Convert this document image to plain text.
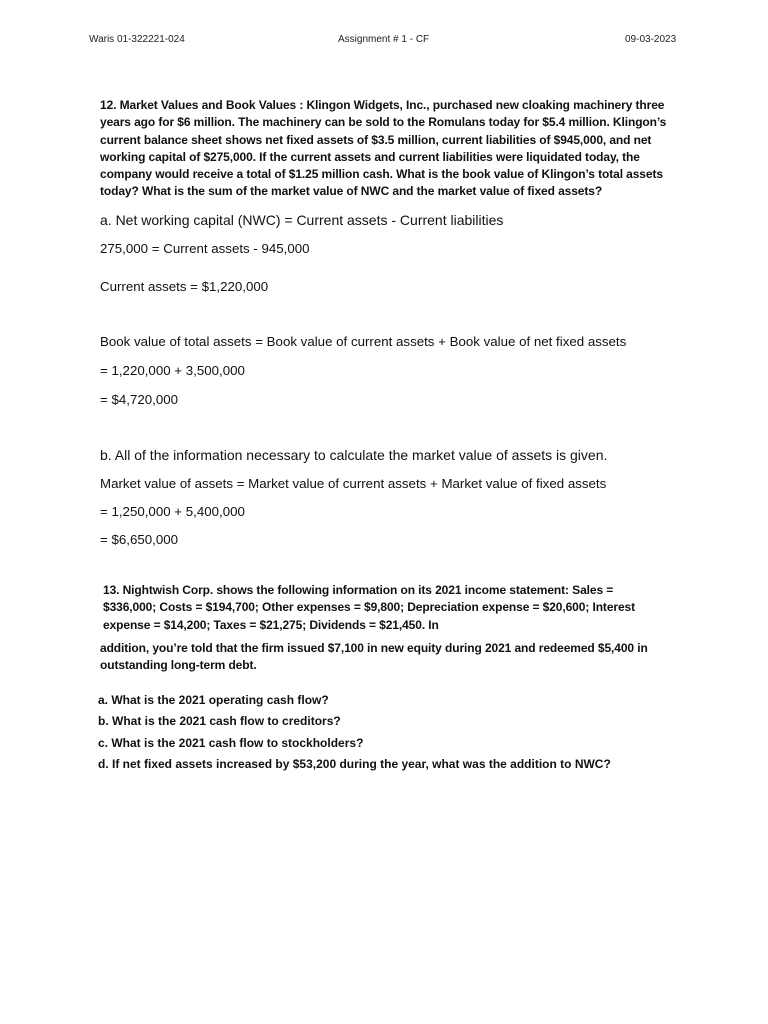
Waris 01-322221-024	Assignment # 1 - CF	09-03-2023
12. Market Values and Book Values : Klingon Widgets, Inc., purchased new cloaking machinery three
years ago for $6 million. The machinery can be sold to the Romulans today for $5.4 million. Klingon’s
current balance sheet shows net fixed assets of $3.5 million, current liabilities of $945,000, and net
working capital of $275,000. If the current assets and current liabilities were liquidated today, the
company would receive a total of $1.25 million cash. What is the book value of Klingon’s total assets
today? What is the sum of the market value of NWC and the market value of fixed assets?
a. Net working capital (NWC) = Current assets - Current liabilities
275,000 = Current assets - 945,000
Current assets = $1,220,000
Book value of total assets = Book value of current assets + Book value of net fixed assets
= 1,220,000 + 3,500,000
= $4,720,000
b. All of the information necessary to calculate the market value of assets is given.
Market value of assets = Market value of current assets + Market value of fixed assets
= 1,250,000 + 5,400,000
= $6,650,000
13. Nightwish Corp. shows the following information on its 2021 income statement: Sales =
$336,000; Costs = $194,700; Other expenses = $9,800; Depreciation expense = $20,600; Interest
expense = $14,200; Taxes = $21,275; Dividends = $21,450. In
addition, you’re told that the firm issued $7,100 in new equity during 2021 and redeemed $5,400 in
outstanding long-term debt.
a. What is the 2021 operating cash flow?
b. What is the 2021 cash flow to creditors?
c. What is the 2021 cash flow to stockholders?
d. If net fixed assets increased by $53,200 during the year, what was the addition to NWC?
